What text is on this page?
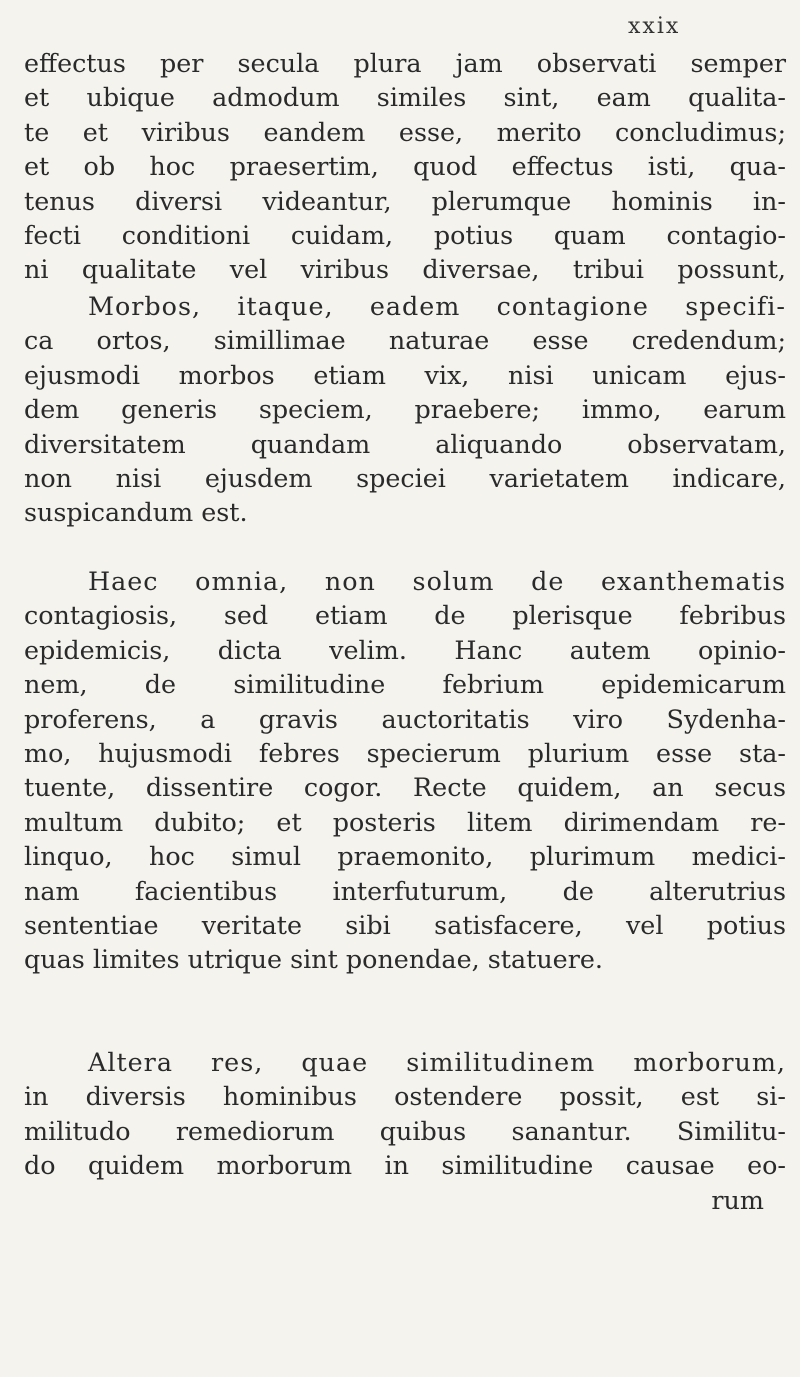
xxix

effectus per secula plura jam observati semper
et ubique admodum similes sint, eam qualita-
te et viribus eandem esse, merito concludimus;
et ob hoc praesertim, quod effectus isti, qua-
tenus diversi videantur, plerumque hominis in-
fecti conditioni cuidam, potius quam contagio-
ni qualitate vel viribus diversae, tribui possunt,

Morbos, itaque, eadem contagione specifi-
ca ortos, simillimae naturae esse credendum;
ejusmodi morbos etiam vix, nisi unicam ejus-
dem generis speciem, praebere; immo, earum
diversitatem quandam aliquando observatam,
non nisi ejusdem speciei varietatem indicare,
suspicandum est.

Haec omnia, non solum de exanthematis
contagiosis, sed etiam de plerisque febribus
epidemicis, dicta velim. Hanc autem opinio-
nem, de similitudine febrium epidemicarum
proferens, a gravis auctoritatis viro Sydenha-
mo, hujusmodi febres specierum plurium esse sta-
tuente, dissentire cogor. Recte quidem, an secus
multum dubito; et posteris litem dirimendam re-
linquo, hoc simul praemonito, plurimum medici-
nam facientibus interfuturum, de alterutrius
sententiae veritate sibi satisfacere, vel potius
quas limites utrique sint ponendae, statuere.

Altera res, quae similitudinem morborum,
in diversis hominibus ostendere possit, est si-
militudo remediorum quibus sanantur. Similitu-
do quidem morborum in similitudine causae eo-
rum
